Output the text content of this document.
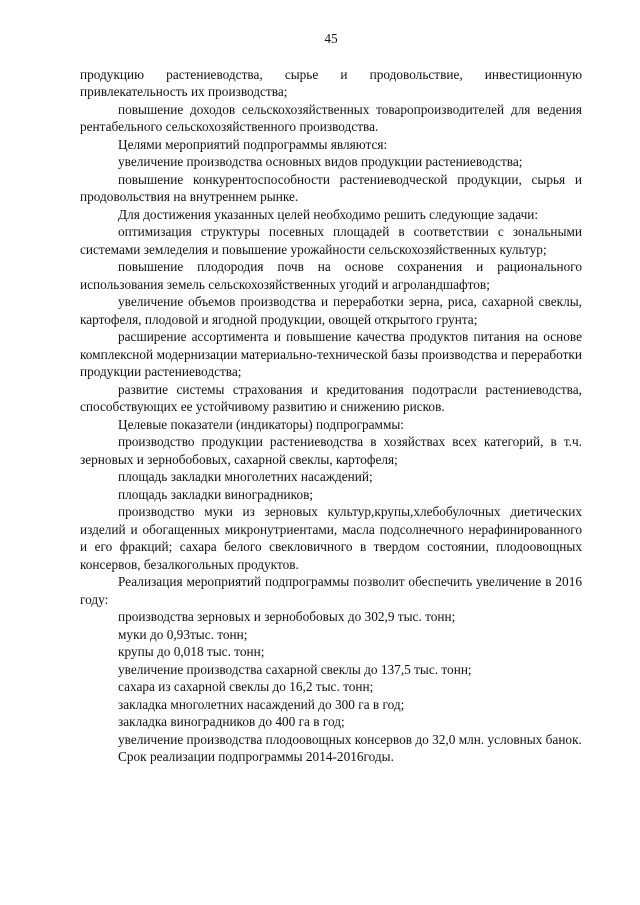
45

продукцию растениеводства, сырье и продовольствие, инвестиционную привлекательность их производства;

повышение доходов сельскохозяйственных товаропроизводителей для ведения рентабельного сельскохозяйственного производства.

Целями мероприятий подпрограммы являются:

увеличение производства основных видов продукции растениеводства;

повышение конкурентоспособности растениеводческой продукции, сырья и продовольствия на внутреннем рынке.

Для достижения указанных целей необходимо решить следующие задачи:

оптимизация структуры посевных площадей в соответствии с зональными системами земледелия и повышение урожайности сельскохозяйственных культур;

повышение плодородия почв на основе сохранения и рационального использования земель сельскохозяйственных угодий и агроландшафтов;

увеличение объемов производства и переработки зерна, риса, сахарной свеклы, картофеля, плодовой и ягодной продукции, овощей открытого грунта;

расширение ассортимента и повышение качества продуктов питания на основе комплексной модернизации материально-технической базы производства и переработки продукции растениеводства;

развитие системы страхования и кредитования подотрасли растениеводства, способствующих ее устойчивому развитию и снижению рисков.

Целевые показатели (индикаторы) подпрограммы:

производство продукции растениеводства в хозяйствах всех категорий, в т.ч. зерновых и зернобобовых, сахарной свеклы, картофеля;

площадь закладки многолетних насаждений;

площадь закладки виноградников;

производство муки из зерновых культур,крупы,хлебобулочных диетических изделий и обогащенных микронутриентами, масла подсолнечного нерафинированного и его фракций; сахара белого свекловичного в твердом состоянии, плодоовощных консервов, безалкогольных продуктов.

Реализация мероприятий подпрограммы позволит обеспечить увеличение в 2016 году:

производства зерновых и зернобобовых до 302,9 тыс. тонн;

муки до 0,93тыс. тонн;

крупы до 0,018 тыс. тонн;

увеличение производства сахарной свеклы до 137,5 тыс. тонн;

сахара из сахарной свеклы до 16,2 тыс. тонн;

закладка многолетних насаждений до 300 га в год;

закладка виноградников до 400 га в год;

увеличение производства плодоовощных консервов до 32,0 млн. условных банок.

Срок реализации подпрограммы 2014-2016годы.
